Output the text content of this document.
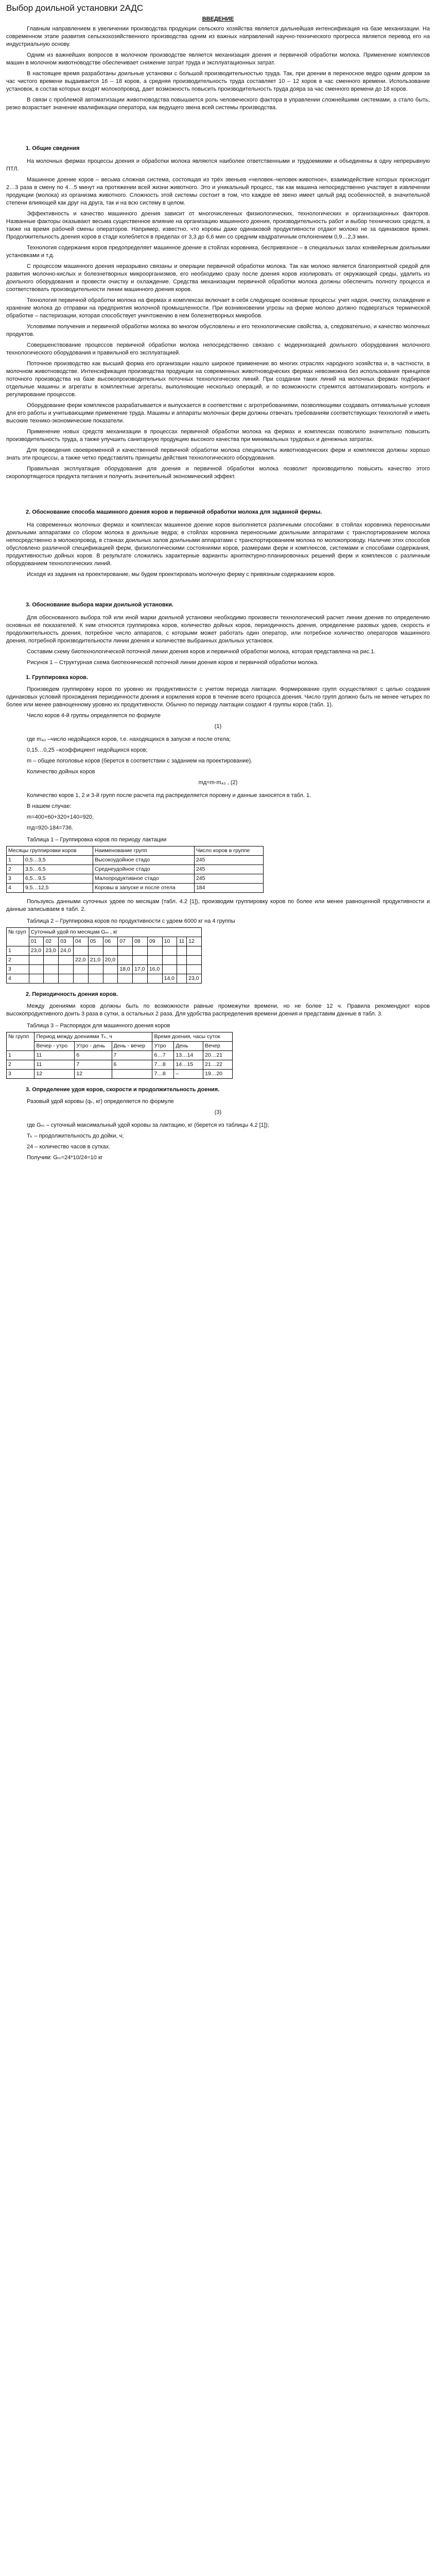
Выбор доильной установки 2АДС
ВВЕДЕНИЕ

Главным направлением в увеличении производства продукции сельского хозяйства является дальнейшая интенсификация на базе механизации. На современном этапе развития сельскохозяйственного производства одним из важных направлений научно-технического прогресса является перевод его на индустриальную основу.

Одним из важнейших вопросов в молочном производстве является механизация доения и первичной обработки молока. Применение комплексов машин в молочном животноводстве обеспечивает снижение затрат труда и эксплуатационных затрат.

В настоящее время разработаны доильные установки с большой производительностью труда. Так, при доении в переносное ведро одним дояром за час чистого времени выдаивается 16 – 18 коров, а средняя производительность труда составляет 10 – 12 коров в час сменного времени. Использование установок, в состав которых входят молокопровод, дает возможность повысить производительность труда дояра за час сменного времени до 18 коров.

В связи с проблемой автоматизации животноводства повышается роль человеческого фактора в управлении сложнейшими системами, а стало быть, резко возрастает значение квалификации оператора, как ведущего звена всей системы производства.

1. Общие сведения

На молочных фермах процессы доения и обработки молока являются наиболее ответственными и трудоемкими и объединены в одну непрерывную ПТЛ.

Машинное доение коров – весьма сложная система, состоящая из трёх звеньев «человек–человек-животное», взаимодействие которых происходит 2…3 раза в смену по 4…5 минут на протяжении всей жизни животного. Это и уникальный процесс, так как машина непосредственно участвует в извлечении продукции (молока) из организма животного. Сложность этой системы состоит в том, что каждое её звено имеет целый ряд особенностей, в значительной степени влияющей как друг на друга, так и на всю систему в целом.

Эффективность и качество машинного доения зависит от многочисленных физиологических, технологических и организационных факторов. Названные факторы оказывают весьма существенное влияние на организацию машинного доения, производительность работ и выбор технических средств, а также на время рабочей смены операторов. Например, известно, что коровы даже одинаковой продуктивности отдают молоко не за одинаковое время. Продолжительность доения коров в стаде колеблется в пределах от 3,3 до 6,6 мин со средним квадратичным отклонением 0,9…2,3 мин.

Технология содержания коров предопределяет машинное доение в стойлах коровника, беспривязное – в специальных залах конвейерным доильными установками и т.д.

С процессом машинного доения неразрывно связаны и операции первичной обработки молока. Так как молоко является благоприятной средой для развития молочно-кислых и болезнетворных микроорганизмов, его необходимо сразу после доения коров изолировать от окружающей среды, удалить из доильного оборудования и провести очистку и охлаждение. Средства механизации первичной обработки молока должны обеспечить полноту процесса и соответствовать производительности линии машинного доения коров.

Технология первичной обработки молока на фермах и комплексах включает в себя следующие основные процессы: учет надоя, очистку, охлаждение и хранение молока до отправки на предприятия молочной промышленности. При возникновении угрозы на ферме молоко должно подвергаться термической обработке – пастеризации, которая способствует уничтожению в нем болезнетворных микробов.

Условиями получения и первичной обработки молока во многом обусловлены и его технологические свойства, а, следовательно, и качество молочных продуктов.

Совершенствование процессов первичной обработки молока непосредственно связано с модернизацией доильного оборудования молочного технологического оборудования и правильной его эксплуатацией.

Поточное производство как высший форма его организации нашло широкое применение во многих отраслях народного хозяйства и, в частности, в молочном животноводстве. Интенсификация производства продукции на современных животноводческих фермах невозможна без использования принципов поточного производства на базе высокопроизводительных поточных технологических линий. При создании таких линий на молочных фермах подбирают отдельные машины и агрегаты в комплектные агрегаты, выполняющие несколько операций, и по возможности стремятся автоматизировать контроль и регулирование процессов.

Оборудование ферм комплексов разрабатывается и выпускается в соответствии с агротребованиями, позволяющими создавать оптимальные условия для его работы и учитывающими применение труда. Машины и аппараты молочных ферм должны отвечать требованиям соответствующих технологий и иметь высокие технико-экономические показатели.

Применение новых средств механизации в процессах первичной обработки молока на фермах и комплексах позволило значительно повысить производительность труда, а также улучшить санитарную продукцию высокого качества при минимальных трудовых и денежных затратах.

Для проведения своевременной и качественной первичной обработки молока специалисты животноводческих ферм и комплексов должны хорошо знать эти процессы, а также четко представлять принципы действия технологического оборудования.

Правильная эксплуатация оборудования для доения и первичной обработки молока позволит производителю повысить качество этого скоропортящегося продукта питания и получить значительный экономический эффект.

2. Обоснование способа машинного доения коров и первичной обработки молока для заданной фермы.

На современных молочных фермах и комплексах машинное доение коров выполняется различными способами: в стойлах коровника переносными доильными аппаратами со сбором молока в доильные ведра; в стойлах коровника переносными доильными аппаратами с транспортированием молока непосредственно в молокопровод, в станках доильных залов доильными аппаратами с транспортированием молока по молокопроводу. Наличие этих способов обусловлено различной спецификацией ферм, физиологическими состояниями коров, размерами ферм и комплексов, системами и способами содержания, продуктивностью дойных коров. В результате сложились характерные варианты архитектурно-планировочных решений ферм и комплексов с различным оборудованием технологических линий.

Исходя из задания на проектирование, мы будем проектировать молочную ферму с привязным содержанием коров.

3. Обоснование выбора марки доильной установки.

Для обоснованного выбора той или иной марки доильной установки необходимо произвести технологический расчет линии доения по определению основных её показателей. К ним относятся группировка коров, количество дойных коров, периодичность доения, определение разовых удоев, скорость и продолжительность доения, потребное число аппаратов, с которыми может работать один оператор, или потребное количество операторов машинного доения, потребной производительности линии доения и количестве выбранных доильных установок.

Составим схему биотехнологической поточной линии доения коров и первичной обработки молока, которая представлена на рис.1.

Рисунок 1 – Структурная схема биотехнической поточной линии доения коров и первичной обработки молока.

1. Группировка коров.

Произведем группировку коров по уровню их продуктивности с учетом периода лактации. Формирование групп осуществляют с целью создания одинаковых условий прохождения периодичности доения и кормления коров в течение всего процесса доения. Число групп должно быть не менее четырех по более или менее равноценному уровню их продуктивности. Обычно по периоду лактации создают 4 группы коров (табл. 1).

Число коров 4-й группы определяется по формуле

(1)

где m₄₀ –число недойщихся коров, т.е. находящихся в запуске и после отела;

0,15…0,25 –коэффициент недойщихся коров;

m – общее поголовье коров (берется в соответствии с заданием на проектирование).

Количество дойных коров

mд=m-m₄₀ , (2)

Количество коров 1, 2 и 3-й групп после расчета mд распределяется поровну и данные заносятся в табл. 1.

В нашем случае:

m=400+60+320+140=920,

mд=920-184=736.

Таблица 1 – Группировка коров по периоду лактации
Месяцы группировки коров		Наименование групп	Число коров в группе
1	0,5…3,5	Высокоудойное стадо	245
2	3,5…6,5	Среднеудойное стадо	245
3	6,5…9,5	Малопродуктивное стадо	245
4	9,5…12,5	Коровы в запуске и после отела	184

Пользуясь данными суточных удоев по месяцам (табл. 4.2 [1]), производим группировку коров по более или менее равноценной продуктивности и данные записываем в табл. 2.

Таблица 2 – Группировка коров по продуктивности с удоем 6000 кг на 4 группы
№ груп	Суточный удой по месяцам Gₘ , кг											
	01	02	03	04	05	06	07	08	09	10	11	12
1	23,0	23,0	24,0									
2				22,0	21,0	20,0						
3							18,0	17,0	16,0			
4										14,0		23,0
2. Периодичность доения коров.

Между доениями коров должны быть по возможности равные промежутки времени, но не более 12 ч. Правила рекомендуют коров высокопродуктивного доить 3 раза в сутки, а остальных 2 раза. Для удобства распределения времени доения и представим данные в табл. 3.

Таблица 3 – Распорядок для машинного доения коров
№ групп	Период между доениями Tₖ, ч			Время доения, часы суток		
	Вечер - утро	Утро - день	День - вечер	Утро	День	Вечер
1	11	6	7	6…7	13…14	20…21
2	11	7	6	7…8	14…15	21…22
3	12	12		7…8	–	19…20
3. Определение удоя коров, скорости и продолжительность доения.

Разовый удой коровы (qₖ, кг) определяется по формуле

(3)

где Gₘ – суточный максимальный удой коровы за лактацию, кг (берется из таблицы 4.2 [1]);

Tₖ – продолжительность до дойки, ч;

24 – количество часов в сутках.

Получим: Gₘ=24*10/24=10 кг
